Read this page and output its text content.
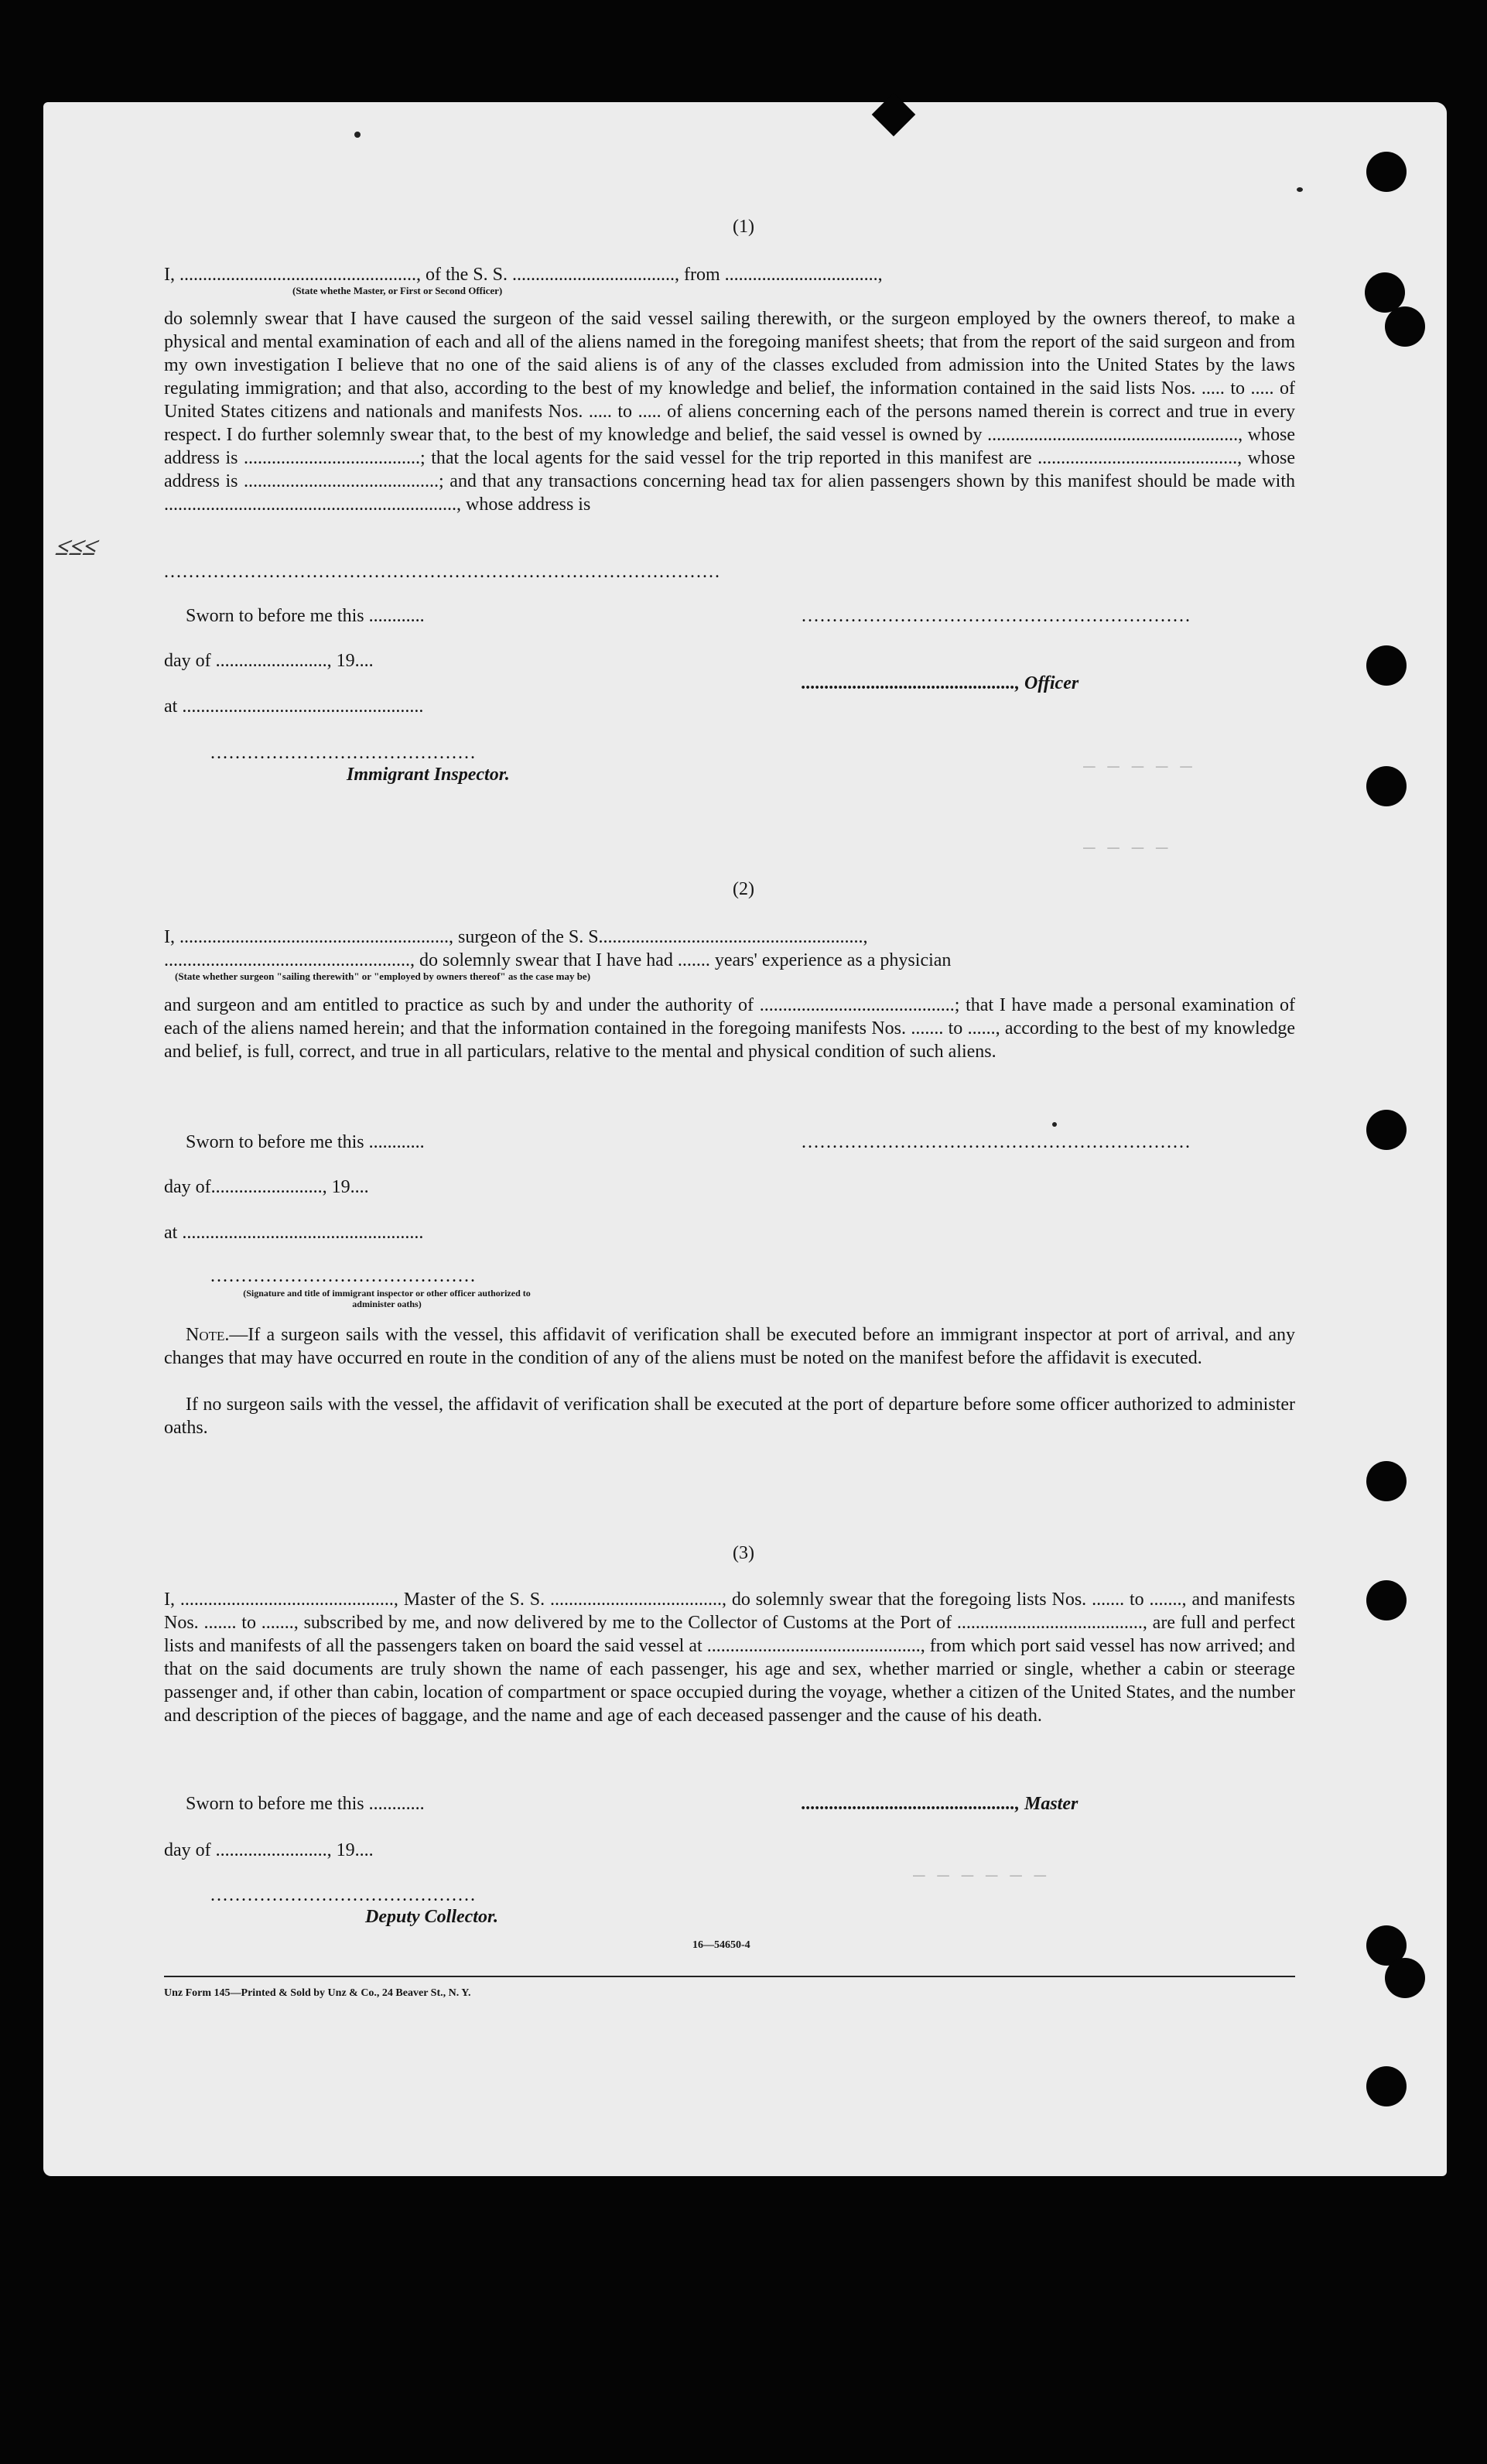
≤≤≤
— — — — —
— — — —
— — — — — —
(1)
I, ..................................................., of the S. S. ..................................., from .................................,
(State whethe Master, or First or Second Officer)

do solemnly swear that I have caused the surgeon of the said vessel sailing therewith, or the surgeon employed by the owners thereof, to make a physical and mental examination of each and all of the aliens named in the foregoing manifest sheets; that from the report of the said surgeon and from my own investigation I believe that no one of the said aliens is of any of the classes excluded from admission into the United States by the laws regulating immigration; and that also, according to the best of my knowledge and belief, the information contained in the said lists Nos. ..... to ..... of United States citizens and nationals and manifests Nos. ..... to ..... of aliens concerning each of the persons named therein is correct and true in every respect. I do further solemnly swear that, to the best of my knowledge and belief, the said vessel is owned by ......................................................, whose address is ......................................; that the local agents for the said vessel for the trip reported in this manifest are ..........................................., whose address is ..........................................; and that any transactions concerning head tax for alien passengers shown by this manifest should be made with ..............................................................., whose address is

..........................................................................................
Sworn to before me this ............
day of ........................, 19....
at ....................................................
...........................................
Immigrant Inspector.
...............................................................
.............................................., Officer
(2)
I, .........................................................., surgeon of the S. S.........................................................,
....................................................., do solemnly swear that I have had ....... years' experience as a physician
(State whether surgeon "sailing therewith" or "employed by owners thereof" as the case may be)

and surgeon and am entitled to practice as such by and under the authority of ..........................................; that I have made a personal examination of each of the aliens named herein; and that the information contained in the foregoing manifests Nos. ....... to ......, according to the best of my knowledge and belief, is full, correct, and true in all particulars, relative to the mental and physical condition of such aliens.

Sworn to before me this ............	...............................................................
day of........................, 19....
at ....................................................
...........................................
(Signature and title of immigrant inspector or other officer authorized to administer oaths)

Note.—If a surgeon sails with the vessel, this affidavit of verification shall be executed before an immigrant inspector at port of arrival, and any changes that may have occurred en route in the condition of any of the aliens must be noted on the manifest before the affidavit is executed.

If no surgeon sails with the vessel, the affidavit of verification shall be executed at the port of departure before some officer authorized to administer oaths.

(3)

I, .............................................., Master of the S. S. ....................................., do solemnly swear that the foregoing lists Nos. ....... to ......., and manifests Nos. ....... to ......., subscribed by me, and now delivered by me to the Collector of Customs at the Port of ........................................, are full and perfect lists and manifests of all the passengers taken on board the said vessel at .............................................., from which port said vessel has now arrived; and that on the said documents are truly shown the name of each passenger, his age and sex, whether married or single, whether a cabin or steerage passenger and, if other than cabin, location of compartment or space occupied during the voyage, whether a citizen of the United States, and the number and description of the pieces of baggage, and the name and age of each deceased passenger and the cause of his death.

Sworn to before me this ............	.............................................., Master
day of ........................, 19....
...........................................
Deputy Collector.
16—54650-4
Unz Form 145—Printed & Sold by Unz & Co., 24 Beaver St., N. Y.
